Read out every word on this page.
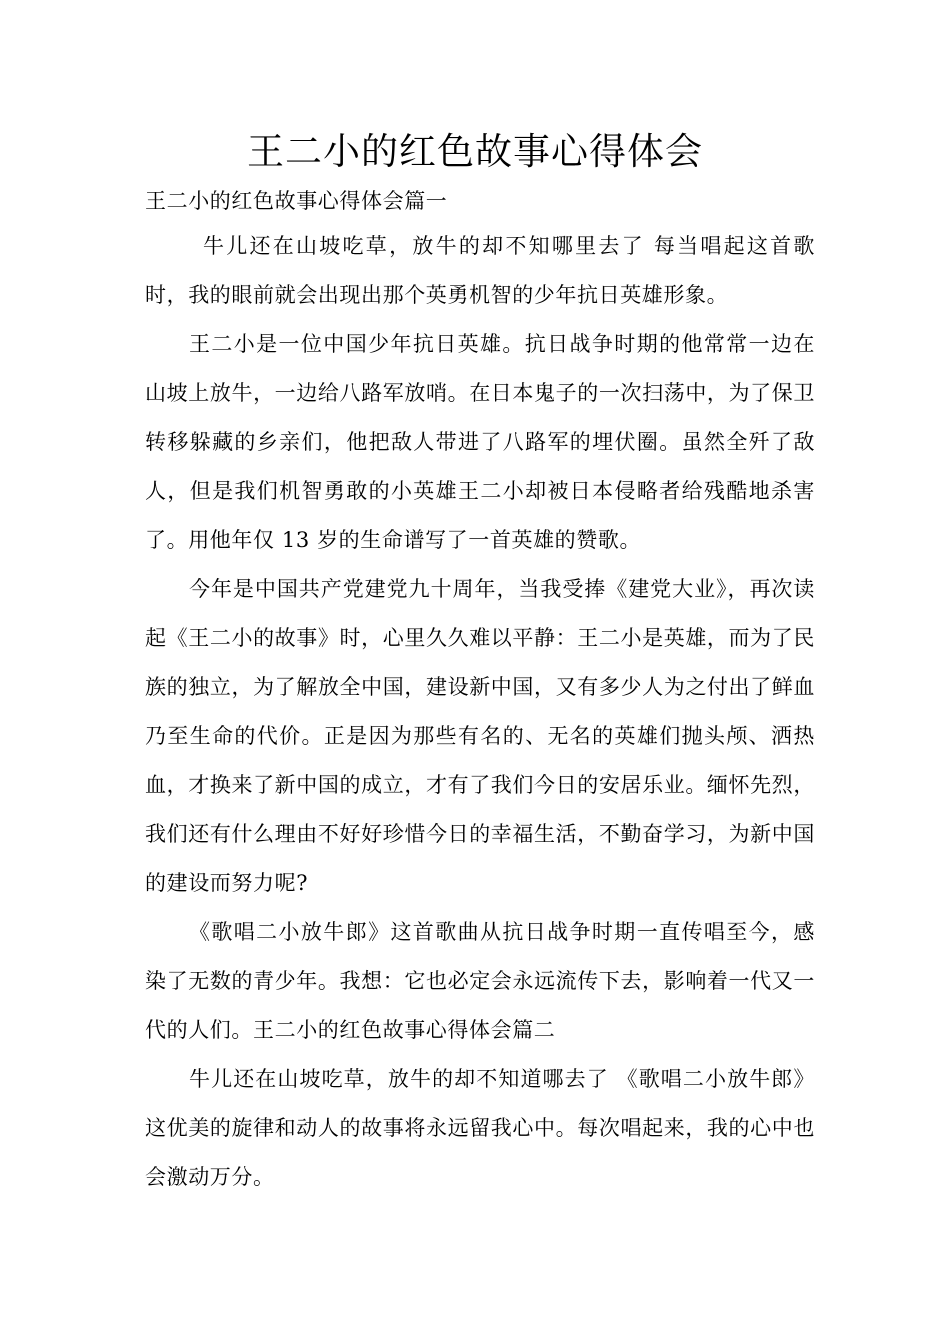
王二小的红色故事心得体会

王二小的红色故事心得体会篇一

牛儿还在山坡吃草，放牛的却不知哪里去了 每当唱起这首歌时，我的眼前就会出现出那个英勇机智的少年抗日英雄形象。

王二小是一位中国少年抗日英雄。抗日战争时期的他常常一边在山坡上放牛，一边给八路军放哨。在日本鬼子的一次扫荡中，为了保卫转移躲藏的乡亲们，他把敌人带进了八路军的埋伏圈。虽然全歼了敌人，但是我们机智勇敢的小英雄王二小却被日本侵略者给残酷地杀害了。用他年仅 13 岁的生命谱写了一首英雄的赞歌。

今年是中国共产党建党九十周年，当我受捧《建党大业》，再次读起《王二小的故事》时，心里久久难以平静：王二小是英雄，而为了民族的独立，为了解放全中国，建设新中国，又有多少人为之付出了鲜血乃至生命的代价。正是因为那些有名的、无名的英雄们抛头颅、洒热血，才换来了新中国的成立，才有了我们今日的安居乐业。缅怀先烈，我们还有什么理由不好好珍惜今日的幸福生活，不勤奋学习，为新中国的建设而努力呢?

《歌唱二小放牛郎》这首歌曲从抗日战争时期一直传唱至今，感染了无数的青少年。我想：它也必定会永远流传下去，影响着一代又一代的人们。王二小的红色故事心得体会篇二

牛儿还在山坡吃草，放牛的却不知道哪去了 《歌唱二小放牛郎》这优美的旋律和动人的故事将永远留我心中。每次唱起来，我的心中也会激动万分。
